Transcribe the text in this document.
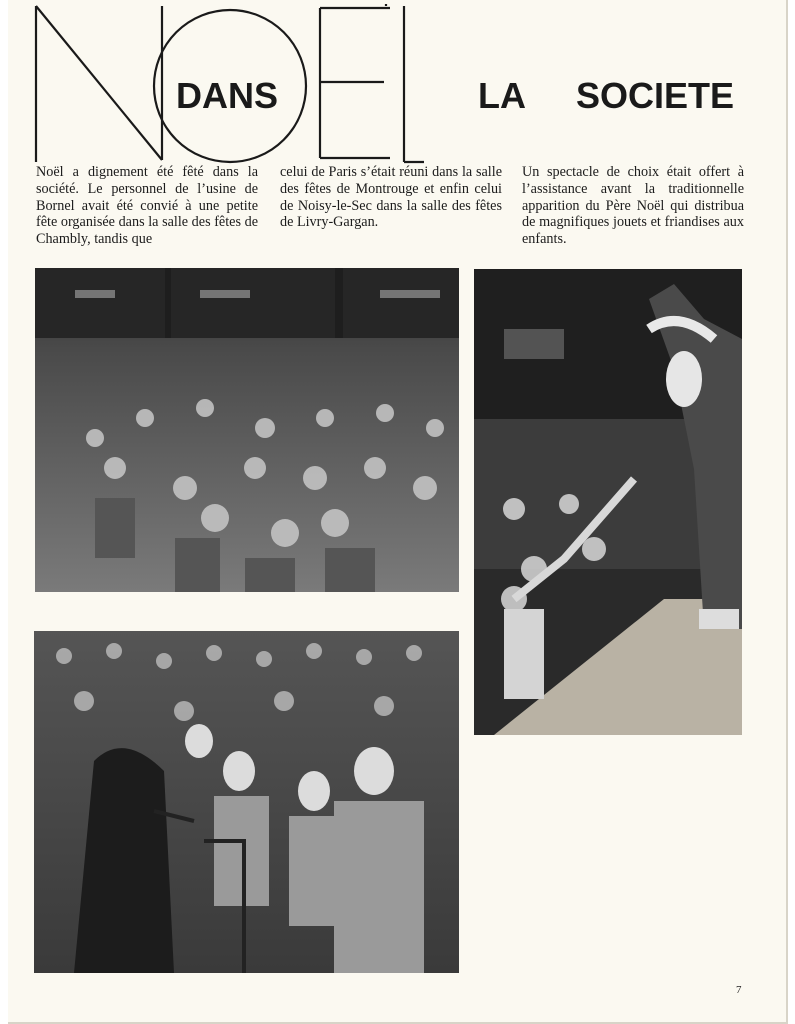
DANS	LA SOCIETE

Noël a dignement été fêté dans la société. Le personnel de l’usine de Bornel avait été convié à une petite fête organisée dans la salle des fêtes de Chambly, tandis que

celui de Paris s’était réuni dans la salle des fêtes de Montrouge et enfin celui de Noisy-le-Sec dans la salle des fêtes de Livry-Gargan.

Un spectacle de choix était offert à l’assistance avant la traditionnelle apparition du Père Noël qui distribua de magnifiques jouets et friandises aux enfants.

7
